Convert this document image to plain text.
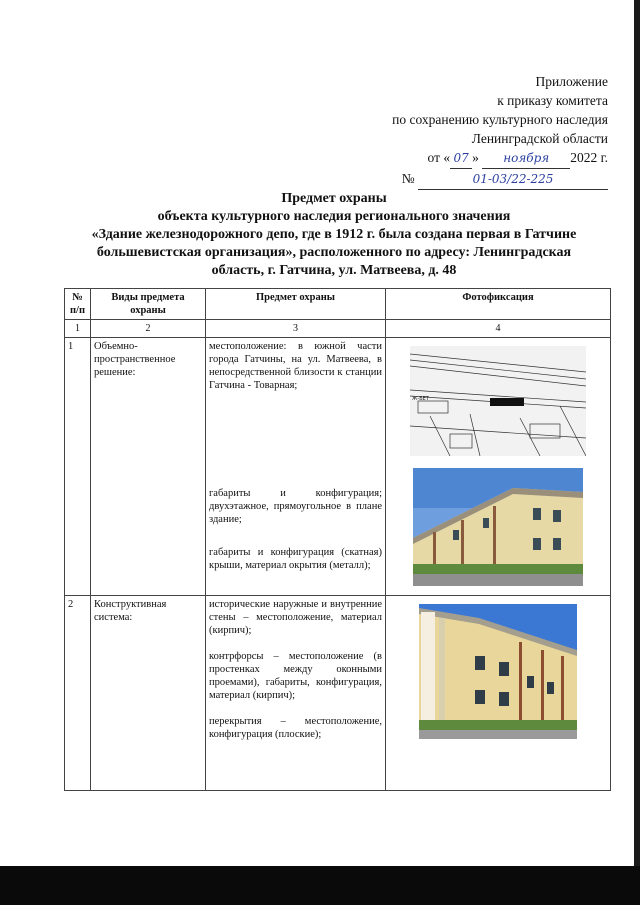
Приложение
к приказу комитета
по сохранению культурного наследия
Ленинградской области
от « 07 » ноября 2022 г.
№	01-03/22-225
Предмет охраны
объекта культурного наследия регионального значения
«Здание железнодорожного депо, где в 1912 г. была создана первая в Гатчине
большевистская организация», расположенного по адресу: Ленинградская
область, г. Гатчина, ул. Матвеева, д. 48
№ п/п	Виды предмета охраны	Предмет охраны	Фотофиксация
1	2	3	4
1	Объемно-пространственное решение:	местоположение: в южной части города Гатчины, на ул. Матвеева, в непосредственной близости к станции Гатчина - Товарная;

габариты и конфигурация; двухэтажное, прямоугольное в плане здание;

габариты и конфигурация (скатная) крыши, материал окрытия (металл);	Ж-БЕТ

2	Конструктивная система:	исторические наружные и внутренние стены – местоположение, материал (кирпич);

контрфорсы – местоположение (в простенках между оконными проемами), габариты, конфигурация, материал (кирпич);

перекрытия – местоположение, конфигурация (плоские);
